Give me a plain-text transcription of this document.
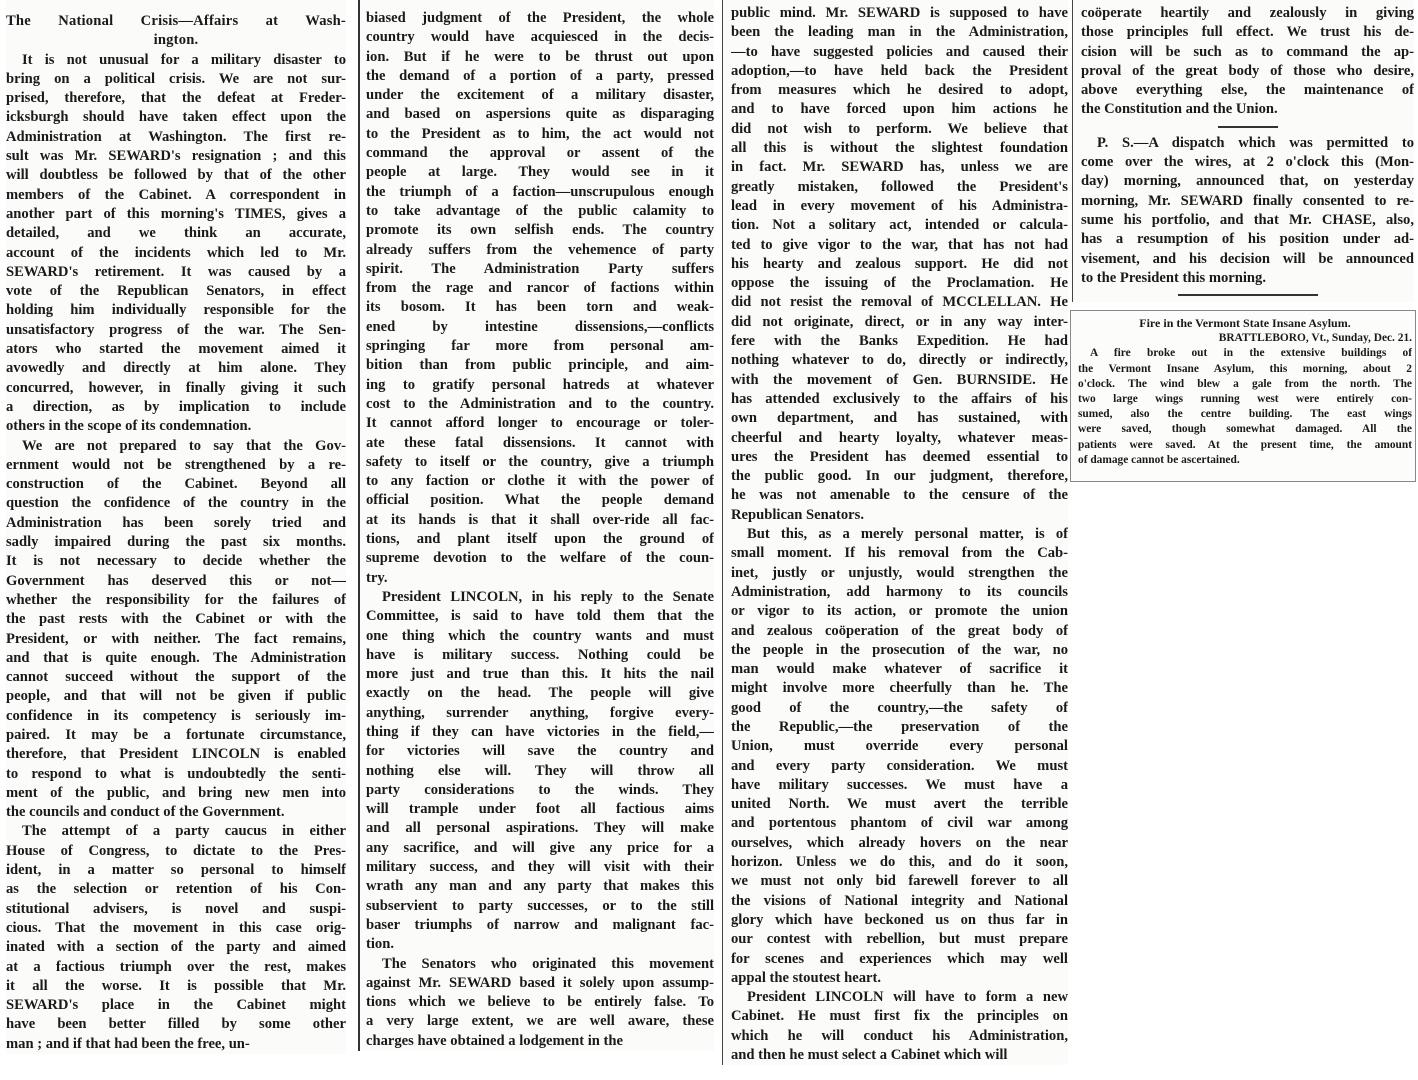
The National Crisis—Affairs at Wash-
ington.
It is not unusual for a military disaster to
bring on a political crisis. We are not sur-
prised, therefore, that the defeat at Freder-
icksburgh should have taken effect upon the
Administration at Washington. The first re-
sult was Mr. SEWARD's resignation ; and this
will doubtless be followed by that of the other
members of the Cabinet. A correspondent in
another part of this morning's TIMES, gives a
detailed, and we think an accurate,
account of the incidents which led to Mr.
SEWARD's retirement. It was caused by a
vote of the Republican Senators, in effect
holding him individually responsible for the
unsatisfactory progress of the war. The Sen-
ators who started the movement aimed it
avowedly and directly at him alone. They
concurred, however, in finally giving it such
a direction, as by implication to include
others in the scope of its condemnation.
We are not prepared to say that the Gov-
ernment would not be strengthened by a re-
construction of the Cabinet. Beyond all
question the confidence of the country in the
Administration has been sorely tried and
sadly impaired during the past six months.
It is not necessary to decide whether the
Government has deserved this or not—
whether the responsibility for the failures of
the past rests with the Cabinet or with the
President, or with neither. The fact remains,
and that is quite enough. The Administration
cannot succeed without the support of the
people, and that will not be given if public
confidence in its competency is seriously im-
paired. It may be a fortunate circumstance,
therefore, that President LINCOLN is enabled
to respond to what is undoubtedly the senti-
ment of the public, and bring new men into
the councils and conduct of the Government.
The attempt of a party caucus in either
House of Congress, to dictate to the Pres-
ident, in a matter so personal to himself
as the selection or retention of his Con-
stitutional advisers, is novel and suspi-
cious. That the movement in this case orig-
inated with a section of the party and aimed
at a factious triumph over the rest, makes
it all the worse. It is possible that Mr.
SEWARD's place in the Cabinet might
have been better filled by some other
man ; and if that had been the free, un-
biased judgment of the President, the whole
country would have acquiesced in the decis-
ion. But if he were to be thrust out upon
the demand of a portion of a party, pressed
under the excitement of a military disaster,
and based on aspersions quite as disparaging
to the President as to him, the act would not
command the approval or assent of the
people at large. They would see in it
the triumph of a faction—unscrupulous enough
to take advantage of the public calamity to
promote its own selfish ends. The country
already suffers from the vehemence of party
spirit. The Administration Party suffers
from the rage and rancor of factions within
its bosom. It has been torn and weak-
ened by intestine dissensions,—conflicts
springing far more from personal am-
bition than from public principle, and aim-
ing to gratify personal hatreds at whatever
cost to the Administration and to the country.
It cannot afford longer to encourage or toler-
ate these fatal dissensions. It cannot with
safety to itself or the country, give a triumph
to any faction or clothe it with the power of
official position. What the people demand
at its hands is that it shall over-ride all fac-
tions, and plant itself upon the ground of
supreme devotion to the welfare of the coun-
try.
President LINCOLN, in his reply to the Senate
Committee, is said to have told them that the
one thing which the country wants and must
have is military success. Nothing could be
more just and true than this. It hits the nail
exactly on the head. The people will give
anything, surrender anything, forgive every-
thing if they can have victories in the field,—
for victories will save the country and
nothing else will. They will throw all
party considerations to the winds. They
will trample under foot all factious aims
and all personal aspirations. They will make
any sacrifice, and will give any price for a
military success, and they will visit with their
wrath any man and any party that makes this
subservient to party successes, or to the still
baser triumphs of narrow and malignant fac-
tion.
The Senators who originated this movement
against Mr. SEWARD based it solely upon assump-
tions which we believe to be entirely false. To
a very large extent, we are well aware, these
charges have obtained a lodgement in the
public mind. Mr. SEWARD is supposed to have
been the leading man in the Administration,
—to have suggested policies and caused their
adoption,—to have held back the President
from measures which he desired to adopt,
and to have forced upon him actions he
did not wish to perform. We believe that
all this is without the slightest foundation
in fact. Mr. SEWARD has, unless we are
greatly mistaken, followed the President's
lead in every movement of his Administra-
tion. Not a solitary act, intended or calcula-
ted to give vigor to the war, that has not had
his hearty and zealous support. He did not
oppose the issuing of the Proclamation. He
did not resist the removal of MCCLELLAN. He
did not originate, direct, or in any way inter-
fere with the Banks Expedition. He had
nothing whatever to do, directly or indirectly,
with the movement of Gen. BURNSIDE. He
has attended exclusively to the affairs of his
own department, and has sustained, with
cheerful and hearty loyalty, whatever meas-
ures the President has deemed essential to
the public good. In our judgment, therefore,
he was not amenable to the censure of the
Republican Senators.
But this, as a merely personal matter, is of
small moment. If his removal from the Cab-
inet, justly or unjustly, would strengthen the
Administration, add harmony to its councils
or vigor to its action, or promote the union
and zealous coöperation of the great body of
the people in the prosecution of the war, no
man would make whatever of sacrifice it
might involve more cheerfully than he. The
good of the country,—the safety of
the Republic,—the preservation of the
Union, must override every personal
and every party consideration. We must
have military successes. We must have a
united North. We must avert the terrible
and portentous phantom of civil war among
ourselves, which already hovers on the near
horizon. Unless we do this, and do it soon,
we must not only bid farewell forever to all
the visions of National integrity and National
glory which have beckoned us on thus far in
our contest with rebellion, but must prepare
for scenes and experiences which may well
appal the stoutest heart.
President LINCOLN will have to form a new
Cabinet. He must first fix the principles on
which he will conduct his Administration,
and then he must select a Cabinet which will
coöperate heartily and zealously in giving
those principles full effect. We trust his de-
cision will be such as to command the ap-
proval of the great body of those who desire,
above everything else, the maintenance of
the Constitution and the Union.
P. S.—A dispatch which was permitted to
come over the wires, at 2 o'clock this (Mon-
day) morning, announced that, on yesterday
morning, Mr. SEWARD finally consented to re-
sume his portfolio, and that Mr. CHASE, also,
has a resumption of his position under ad-
visement, and his decision will be announced
to the President this morning.
Fire in the Vermont State Insane Asylum.
BRATTLEBORO, Vt., Sunday, Dec. 21.
A fire broke out in the extensive buildings of
the Vermont Insane Asylum, this morning, about 2
o'clock. The wind blew a gale from the north. The
two large wings running west were entirely con-
sumed, also the centre building. The east wings
were saved, though somewhat damaged. All the
patients were saved. At the present time, the amount
of damage cannot be ascertained.
